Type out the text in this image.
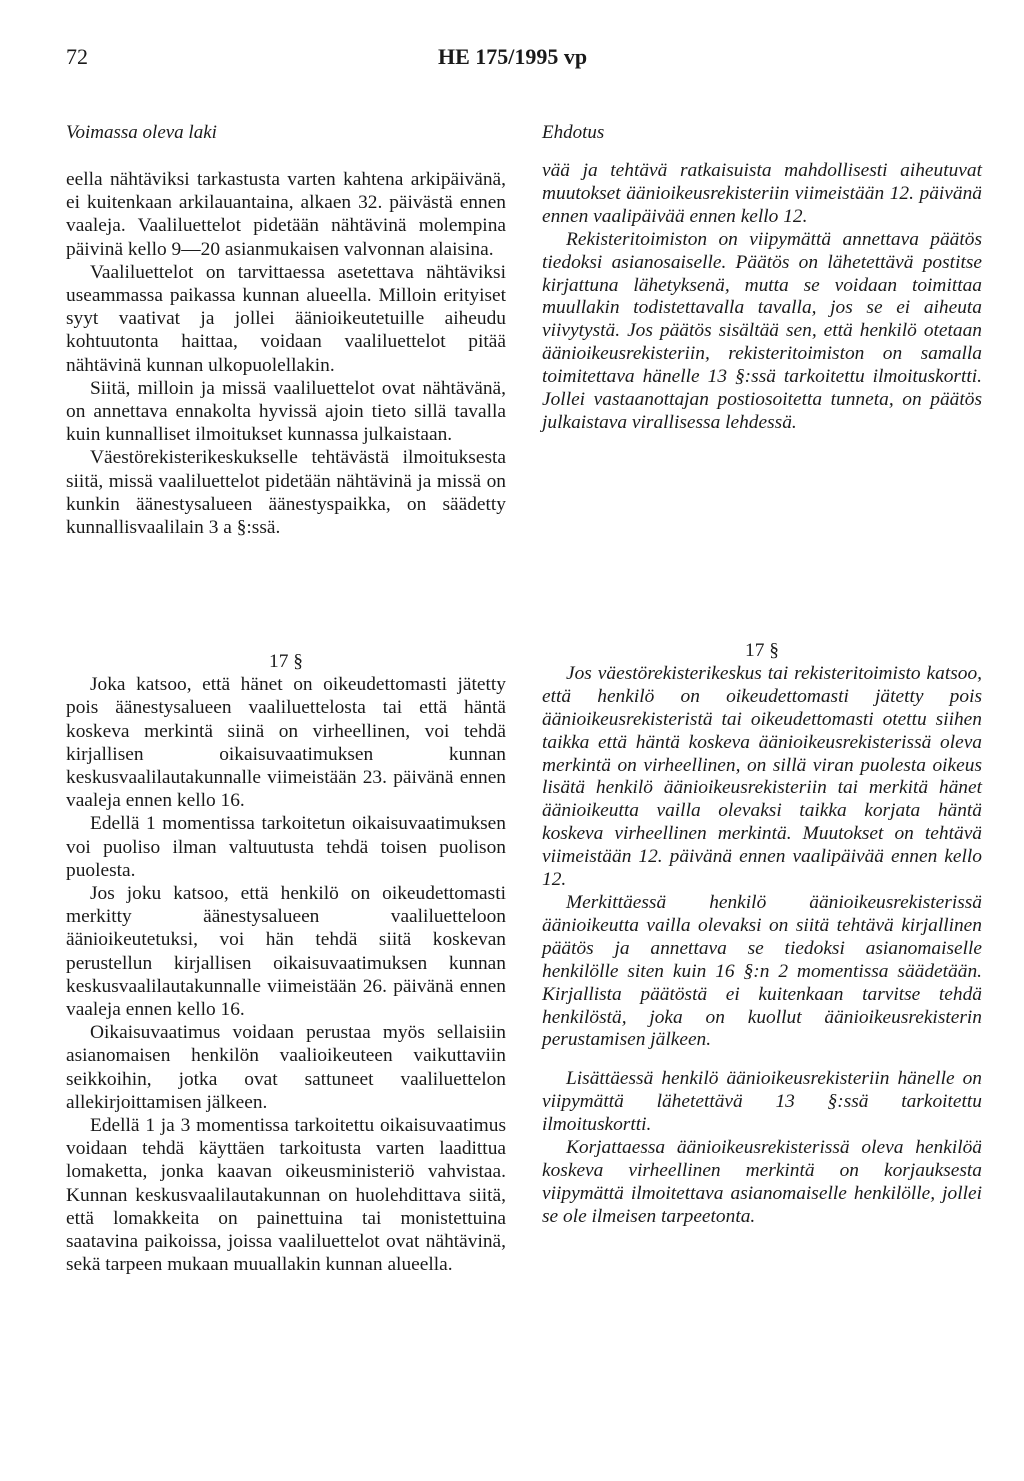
72	HE 175/1995 vp
Voimassa oleva laki	Ehdotus

eella nähtäviksi tarkastusta varten kahtena arkipäivänä, ei kuitenkaan arkilauantaina, alkaen 32. päivästä ennen vaaleja. Vaaliluettelot pidetään nähtävinä molempina päivinä kello 9—20 asianmukaisen valvonnan alaisina.

Vaaliluettelot on tarvittaessa asetettava nähtäviksi useammassa paikassa kunnan alueella. Milloin erityiset syyt vaativat ja jollei äänioikeutetuille aiheudu kohtuutonta haittaa, voidaan vaaliluettelot pitää nähtävinä kunnan ulkopuolellakin.

Siitä, milloin ja missä vaaliluettelot ovat nähtävänä, on annettava ennakolta hyvissä ajoin tieto sillä tavalla kuin kunnalliset ilmoitukset kunnassa julkaistaan.

Väestörekisterikeskukselle tehtävästä ilmoituksesta siitä, missä vaaliluettelot pidetään nähtävinä ja missä on kunkin äänestysalueen äänestyspaikka, on säädetty kunnallisvaalilain 3 a §:ssä.

vää ja tehtävä ratkaisuista mahdollisesti aiheutuvat muutokset äänioikeusrekisteriin viimeistään 12. päivänä ennen vaalipäivää ennen kello 12.

Rekisteritoimiston on viipymättä annettava päätös tiedoksi asianosaiselle. Päätös on lähetettävä postitse kirjattuna lähetyksenä, mutta se voidaan toimittaa muullakin todistettavalla tavalla, jos se ei aiheuta viivytystä. Jos päätös sisältää sen, että henkilö otetaan äänioikeusrekisteriin, rekisteritoimiston on samalla toimitettava hänelle 13 §:ssä tarkoitettu ilmoituskortti. Jollei vastaanottajan postiosoitetta tunneta, on päätös julkaistava virallisessa lehdessä.

17 §

Joka katsoo, että hänet on oikeudettomasti jätetty pois äänestysalueen vaaliluettelosta tai että häntä koskeva merkintä siinä on virheellinen, voi tehdä kirjallisen oikaisuvaatimuksen kunnan keskusvaalilautakunnalle viimeistään 23. päivänä ennen vaaleja ennen kello 16.

Edellä 1 momentissa tarkoitetun oikaisuvaatimuksen voi puoliso ilman valtuutusta tehdä toisen puolison puolesta.

Jos joku katsoo, että henkilö on oikeudettomasti merkitty äänestysalueen vaaliluetteloon äänioikeutetuksi, voi hän tehdä siitä koskevan perustellun kirjallisen oikaisuvaatimuksen kunnan keskusvaalilautakunnalle viimeistään 26. päivänä ennen vaaleja ennen kello 16.

Oikaisuvaatimus voidaan perustaa myös sellaisiin asianomaisen henkilön vaalioikeuteen vaikuttaviin seikkoihin, jotka ovat sattuneet vaaliluettelon allekirjoittamisen jälkeen.

Edellä 1 ja 3 momentissa tarkoitettu oikaisuvaatimus voidaan tehdä käyttäen tarkoitusta varten laadittua lomaketta, jonka kaavan oikeusministeriö vahvistaa. Kunnan keskusvaalilautakunnan on huolehdittava siitä, että lomakkeita on painettuina tai monistettuina saatavina paikoissa, joissa vaaliluettelot ovat nähtävinä, sekä tarpeen mukaan muuallakin kunnan alueella.

17 §

Jos väestörekisterikeskus tai rekisteritoimisto katsoo, että henkilö on oikeudettomasti jätetty pois äänioikeusrekisteristä tai oikeudettomasti otettu siihen taikka että häntä koskeva äänioikeusrekisterissä oleva merkintä on virheellinen, on sillä viran puolesta oikeus lisätä henkilö äänioikeusrekisteriin tai merkitä hänet äänioikeutta vailla olevaksi taikka korjata häntä koskeva virheellinen merkintä. Muutokset on tehtävä viimeistään 12. päivänä ennen vaalipäivää ennen kello 12.

Merkittäessä henkilö äänioikeusrekisterissä äänioikeutta vailla olevaksi on siitä tehtävä kirjallinen päätös ja annettava se tiedoksi asianomaiselle henkilölle siten kuin 16 §:n 2 momentissa säädetään. Kirjallista päätöstä ei kuitenkaan tarvitse tehdä henkilöstä, joka on kuollut äänioikeusrekisterin perustamisen jälkeen.

Lisättäessä henkilö äänioikeusrekisteriin hänelle on viipymättä lähetettävä 13 §:ssä tarkoitettu ilmoituskortti.

Korjattaessa äänioikeusrekisterissä oleva henkilöä koskeva virheellinen merkintä on korjauksesta viipymättä ilmoitettava asianomaiselle henkilölle, jollei se ole ilmeisen tarpeetonta.
